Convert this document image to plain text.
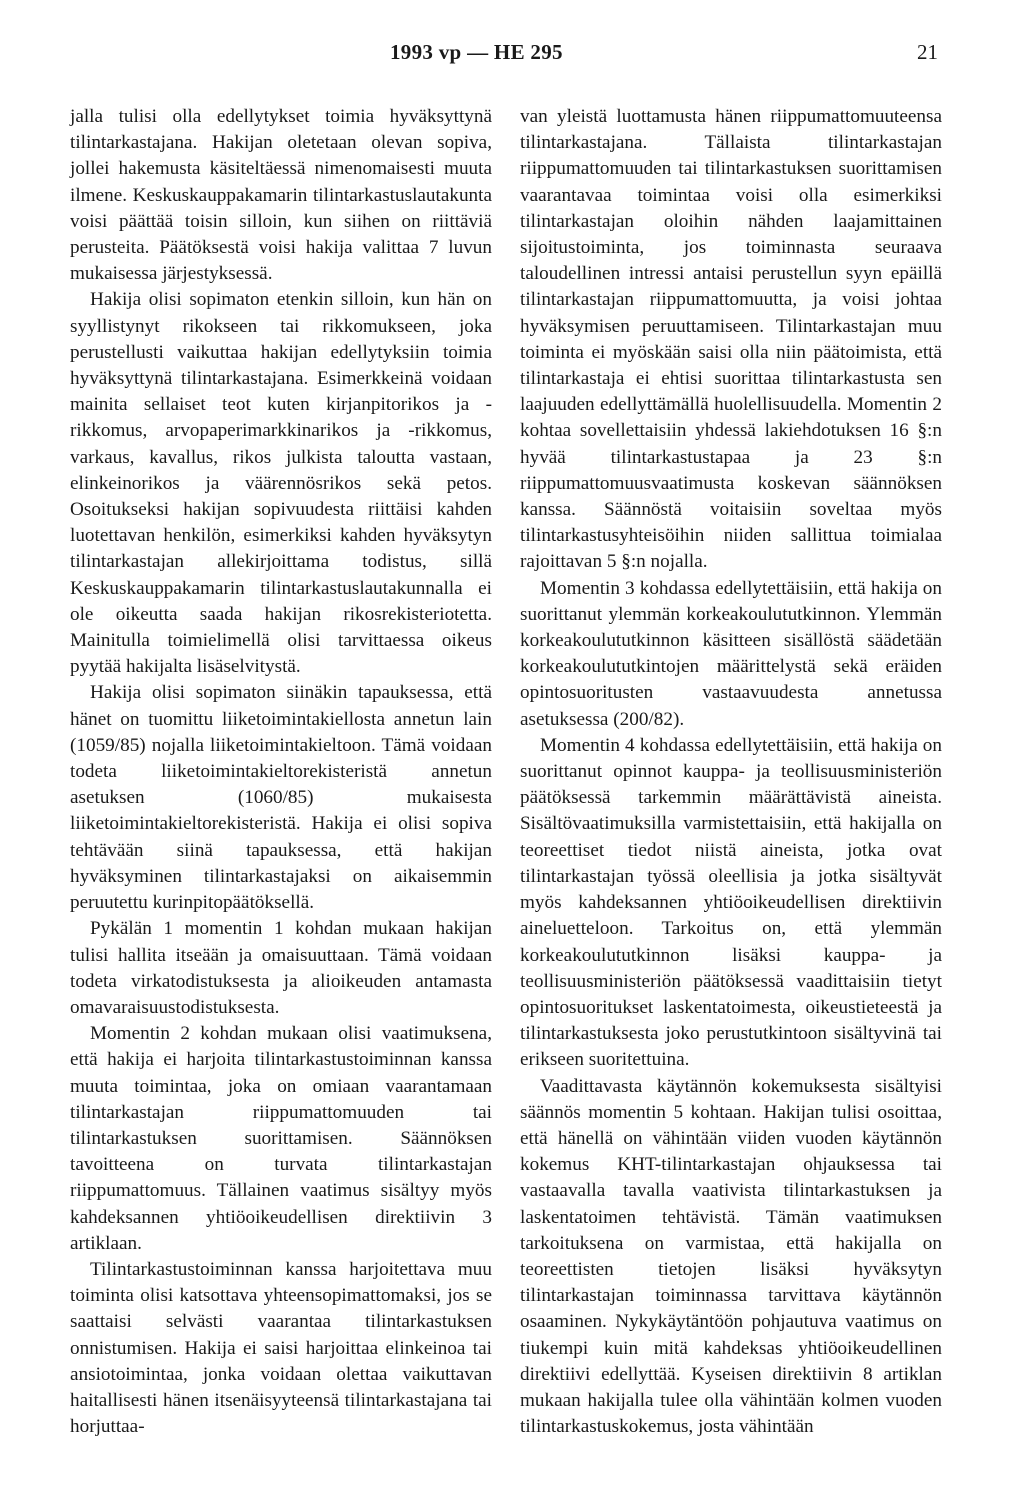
1993 vp — HE 295	21

jalla tulisi olla edellytykset toimia hyväksyttynä tilintarkastajana. Hakijan oletetaan olevan sopiva, jollei hakemusta käsiteltäessä nimenomaisesti muuta ilmene. Keskuskauppakamarin tilintarkastuslautakunta voisi päättää toisin silloin, kun siihen on riittäviä perusteita. Päätöksestä voisi hakija valittaa 7 luvun mukaisessa järjestyksessä.

Hakija olisi sopimaton etenkin silloin, kun hän on syyllistynyt rikokseen tai rikkomukseen, joka perustellusti vaikuttaa hakijan edellytyksiin toimia hyväksyttynä tilintarkastajana. Esimerkkeinä voidaan mainita sellaiset teot kuten kirjanpitorikos ja -rikkomus, arvopaperimarkkinarikos ja -rikkomus, varkaus, kavallus, rikos julkista taloutta vastaan, elinkeinorikos ja väärennösrikos sekä petos. Osoitukseksi hakijan sopivuudesta riittäisi kahden luotettavan henkilön, esimerkiksi kahden hyväksytyn tilintarkastajan allekirjoittama todistus, sillä Keskuskauppakamarin tilintarkastuslautakunnalla ei ole oikeutta saada hakijan rikosrekisteriotetta. Mainitulla toimielimellä olisi tarvittaessa oikeus pyytää hakijalta lisäselvitystä.

Hakija olisi sopimaton siinäkin tapauksessa, että hänet on tuomittu liiketoimintakiellosta annetun lain (1059/85) nojalla liiketoimintakieltoon. Tämä voidaan todeta liiketoimintakieltorekisteristä annetun asetuksen (1060/85) mukaisesta liiketoimintakieltorekisteristä. Hakija ei olisi sopiva tehtävään siinä tapauksessa, että hakijan hyväksyminen tilintarkastajaksi on aikaisemmin peruutettu kurinpitopäätöksellä.

Pykälän 1 momentin 1 kohdan mukaan hakijan tulisi hallita itseään ja omaisuuttaan. Tämä voidaan todeta virkatodistuksesta ja alioikeuden antamasta omavaraisuustodistuksesta.

Momentin 2 kohdan mukaan olisi vaatimuksena, että hakija ei harjoita tilintarkastustoiminnan kanssa muuta toimintaa, joka on omiaan vaarantamaan tilintarkastajan riippumattomuuden tai tilintarkastuksen suorittamisen. Säännöksen tavoitteena on turvata tilintarkastajan riippumattomuus. Tällainen vaatimus sisältyy myös kahdeksannen yhtiöoikeudellisen direktiivin 3 artiklaan.

Tilintarkastustoiminnan kanssa harjoitettava muu toiminta olisi katsottava yhteensopimattomaksi, jos se saattaisi selvästi vaarantaa tilintarkastuksen onnistumisen. Hakija ei saisi harjoittaa elinkeinoa tai ansiotoimintaa, jonka voidaan olettaa vaikuttavan haitallisesti hänen itsenäisyyteensä tilintarkastajana tai horjuttaa-

van yleistä luottamusta hänen riippumattomuuteensa tilintarkastajana. Tällaista tilintarkastajan riippumattomuuden tai tilintarkastuksen suorittamisen vaarantavaa toimintaa voisi olla esimerkiksi tilintarkastajan oloihin nähden laajamittainen sijoitustoiminta, jos toiminnasta seuraava taloudellinen intressi antaisi perustellun syyn epäillä tilintarkastajan riippumattomuutta, ja voisi johtaa hyväksymisen peruuttamiseen. Tilintarkastajan muu toiminta ei myöskään saisi olla niin päätoimista, että tilintarkastaja ei ehtisi suorittaa tilintarkastusta sen laajuuden edellyttämällä huolellisuudella. Momentin 2 kohtaa sovellettaisiin yhdessä lakiehdotuksen 16 §:n hyvää tilintarkastustapaa ja 23 §:n riippumattomuusvaatimusta koskevan säännöksen kanssa. Säännöstä voitaisiin soveltaa myös tilintarkastusyhteisöihin niiden sallittua toimialaa rajoittavan 5 §:n nojalla.

Momentin 3 kohdassa edellytettäisiin, että hakija on suorittanut ylemmän korkeakoulututkinnon. Ylemmän korkeakoulututkinnon käsitteen sisällöstä säädetään korkeakoulututkintojen määrittelystä sekä eräiden opintosuoritusten vastaavuudesta annetussa asetuksessa (200/82).

Momentin 4 kohdassa edellytettäisiin, että hakija on suorittanut opinnot kauppa- ja teollisuusministeriön päätöksessä tarkemmin määrättävistä aineista. Sisältövaatimuksilla varmistettaisiin, että hakijalla on teoreettiset tiedot niistä aineista, jotka ovat tilintarkastajan työssä oleellisia ja jotka sisältyvät myös kahdeksannen yhtiöoikeudellisen direktiivin aineluetteloon. Tarkoitus on, että ylemmän korkeakoulututkinnon lisäksi kauppa- ja teollisuusministeriön päätöksessä vaadittaisiin tietyt opintosuoritukset laskentatoimesta, oikeustieteestä ja tilintarkastuksesta joko perustutkintoon sisältyvinä tai erikseen suoritettuina.

Vaadittavasta käytännön kokemuksesta sisältyisi säännös momentin 5 kohtaan. Hakijan tulisi osoittaa, että hänellä on vähintään viiden vuoden käytännön kokemus KHT-tilintarkastajan ohjauksessa tai vastaavalla tavalla vaativista tilintarkastuksen ja laskentatoimen tehtävistä. Tämän vaatimuksen tarkoituksena on varmistaa, että hakijalla on teoreettisten tietojen lisäksi hyväksytyn tilintarkastajan toiminnassa tarvittava käytännön osaaminen. Nykykäytäntöön pohjautuva vaatimus on tiukempi kuin mitä kahdeksas yhtiöoikeudellinen direktiivi edellyttää. Kyseisen direktiivin 8 artiklan mukaan hakijalla tulee olla vähintään kolmen vuoden tilintarkastuskokemus, josta vähintään
